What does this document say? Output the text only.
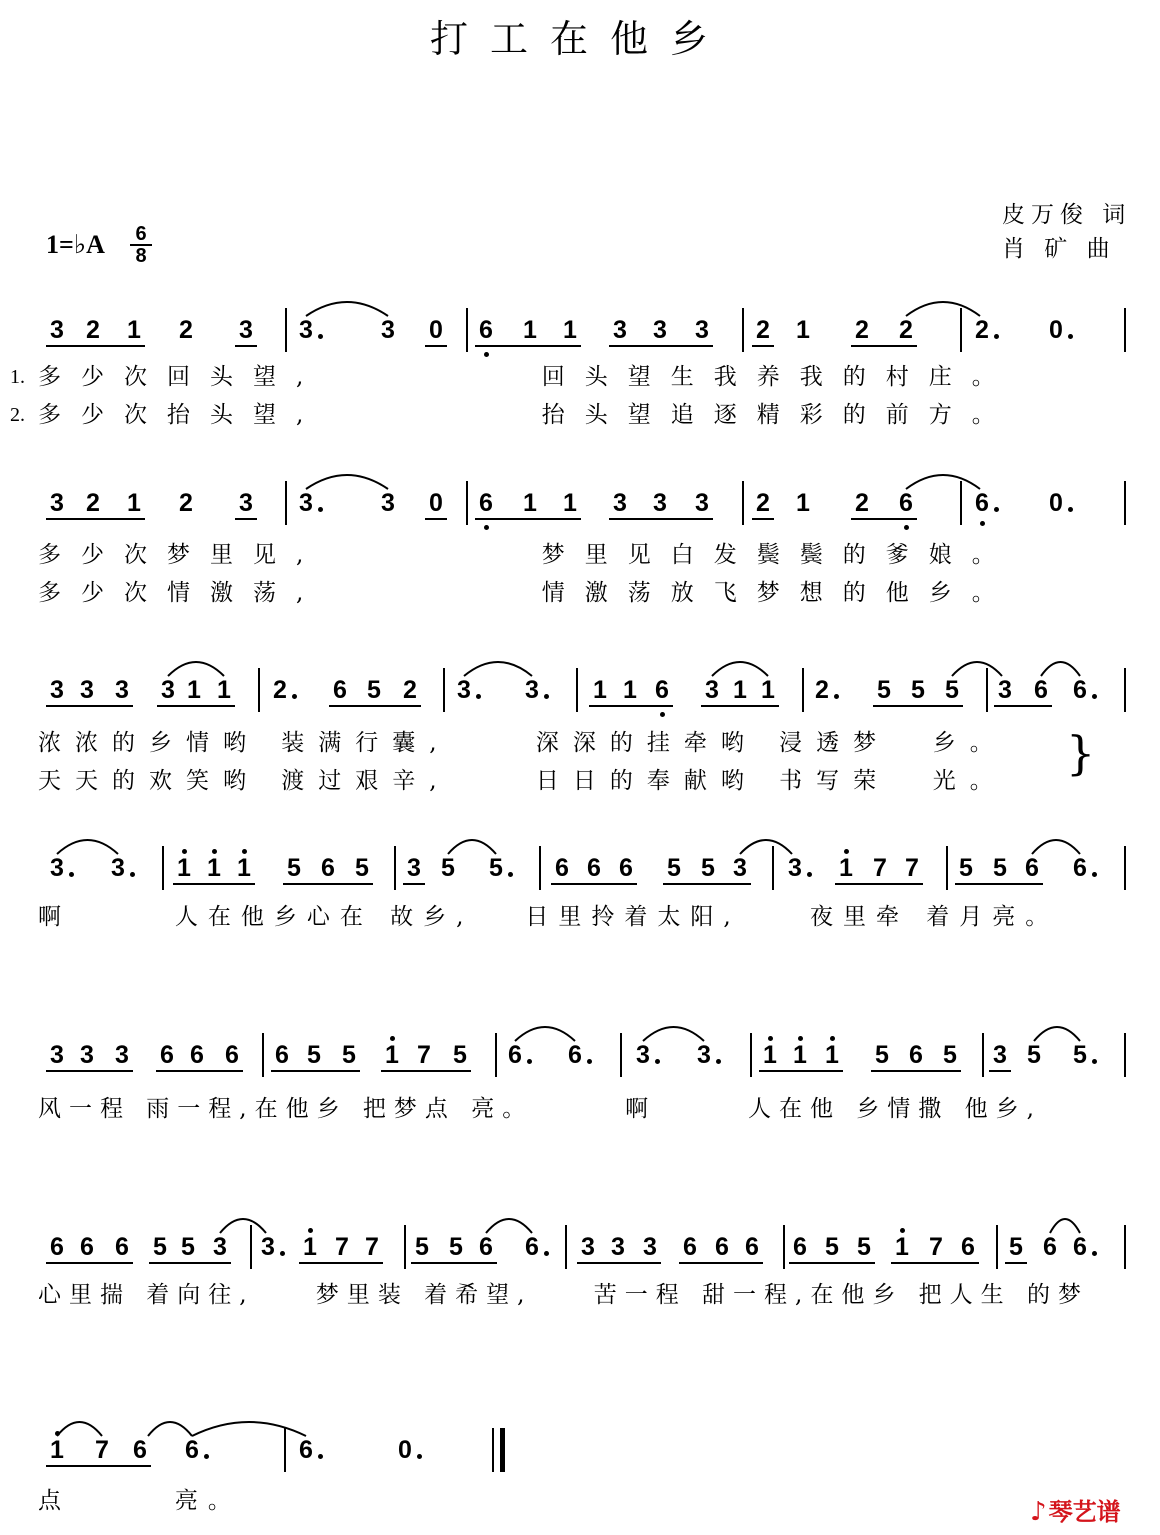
打工在他乡
皮万俊 词
肖 矿 曲
1=♭A 6
8
3 2 1 2 3 3	3 0 6 1 1 3 3 3 2 1 2 2 2 0
3 2 1 2 3 3	3 0 6 1 1 3 3 3 2 1 2 6 6 0
3 3 3 3 1 1 2 6 5 2 3 3 1 1 6 3 1 1 2 5 5 5 3 6 6
3 3 1 1 1 5 6 5 3 5 5 6 6 6 5 5 3 3 1 7 7 5 5 6 6
3 3 3 6 6 6 6 5 5 1 7 5 6 6 3 3 1 1 1 5 6 5 3 5 5
6 6 6 5 5 3 3 1 7 7 5 5 6 6 3 3 3 6 6 6 6 5 5 1 7 6 5 6 6
1 7 6 6	6	0
1.
2.
多少次回头望,        回头望生我养我的村庄。
多少次抬头望,        抬头望追逐精彩的前方。
多少次梦里见,        梦里见白发鬓鬓的爹娘。
多少次情激荡,        情激荡放飞梦想的他乡。
浓浓的乡情哟 装满行囊,    深深的挂牵哟 浸透梦  乡。
天天的欢笑哟 渡过艰辛,    日日的奉献哟 书写荣  光。
}
啊      人在他乡心在 故乡,   日里拎着太阳,    夜里牵 着月亮。
风一程 雨一程,在他乡 把梦点 亮。      啊      人在他 乡情撒 他乡,
心里揣 着向往,    梦里装 着希望,    苦一程 甜一程,在他乡 把人生 的梦
点      亮。	♪琴艺谱
